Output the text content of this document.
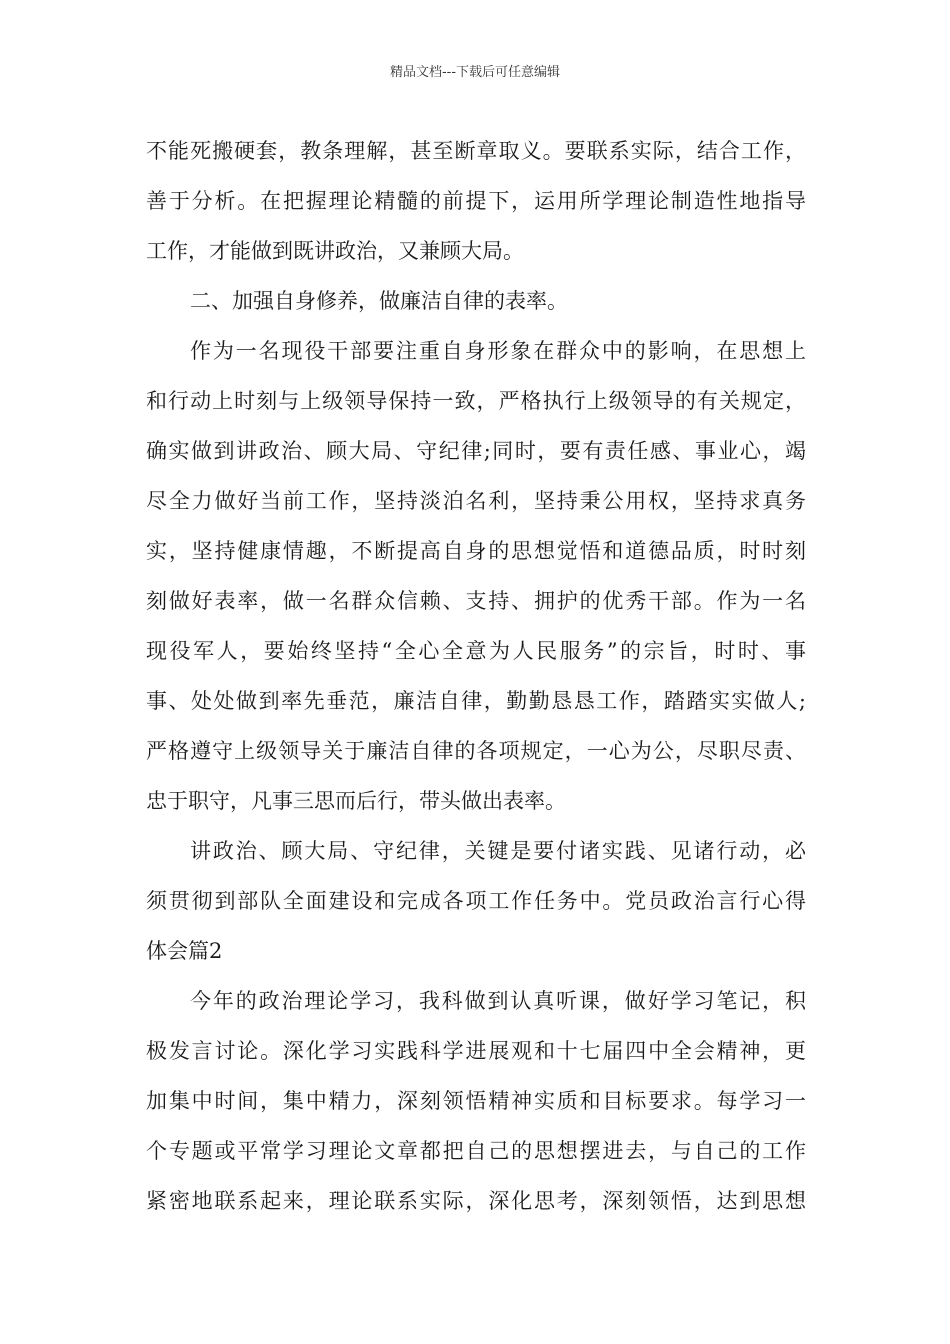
精品文档---下载后可任意编辑
不能死搬硬套，教条理解，甚至断章取义。要联系实际，结合工作，
善于分析。在把握理论精髓的前提下，运用所学理论制造性地指导
工作，才能做到既讲政治，又兼顾大局。
二、加强自身修养，做廉洁自律的表率。
作为一名现役干部要注重自身形象在群众中的影响，在思想上
和行动上时刻与上级领导保持一致，严格执行上级领导的有关规定，
确实做到讲政治、顾大局、守纪律;同时，要有责任感、事业心，竭
尽全力做好当前工作，坚持淡泊名利，坚持秉公用权，坚持求真务
实，坚持健康情趣，不断提高自身的思想觉悟和道德品质，时时刻
刻做好表率，做一名群众信赖、支持、拥护的优秀干部。作为一名
现役军人，要始终坚持“全心全意为人民服务”的宗旨，时时、事
事、处处做到率先垂范，廉洁自律，勤勤恳恳工作，踏踏实实做人;
严格遵守上级领导关于廉洁自律的各项规定，一心为公，尽职尽责、
忠于职守，凡事三思而后行，带头做出表率。
讲政治、顾大局、守纪律，关键是要付诸实践、见诸行动，必
须贯彻到部队全面建设和完成各项工作任务中。党员政治言行心得
体会篇2
今年的政治理论学习，我科做到认真听课，做好学习笔记，积
极发言讨论。深化学习实践科学进展观和十七届四中全会精神，更
加集中时间，集中精力，深刻领悟精神实质和目标要求。每学习一
个专题或平常学习理论文章都把自己的思想摆进去，与自己的工作
紧密地联系起来，理论联系实际，深化思考，深刻领悟，达到思想
